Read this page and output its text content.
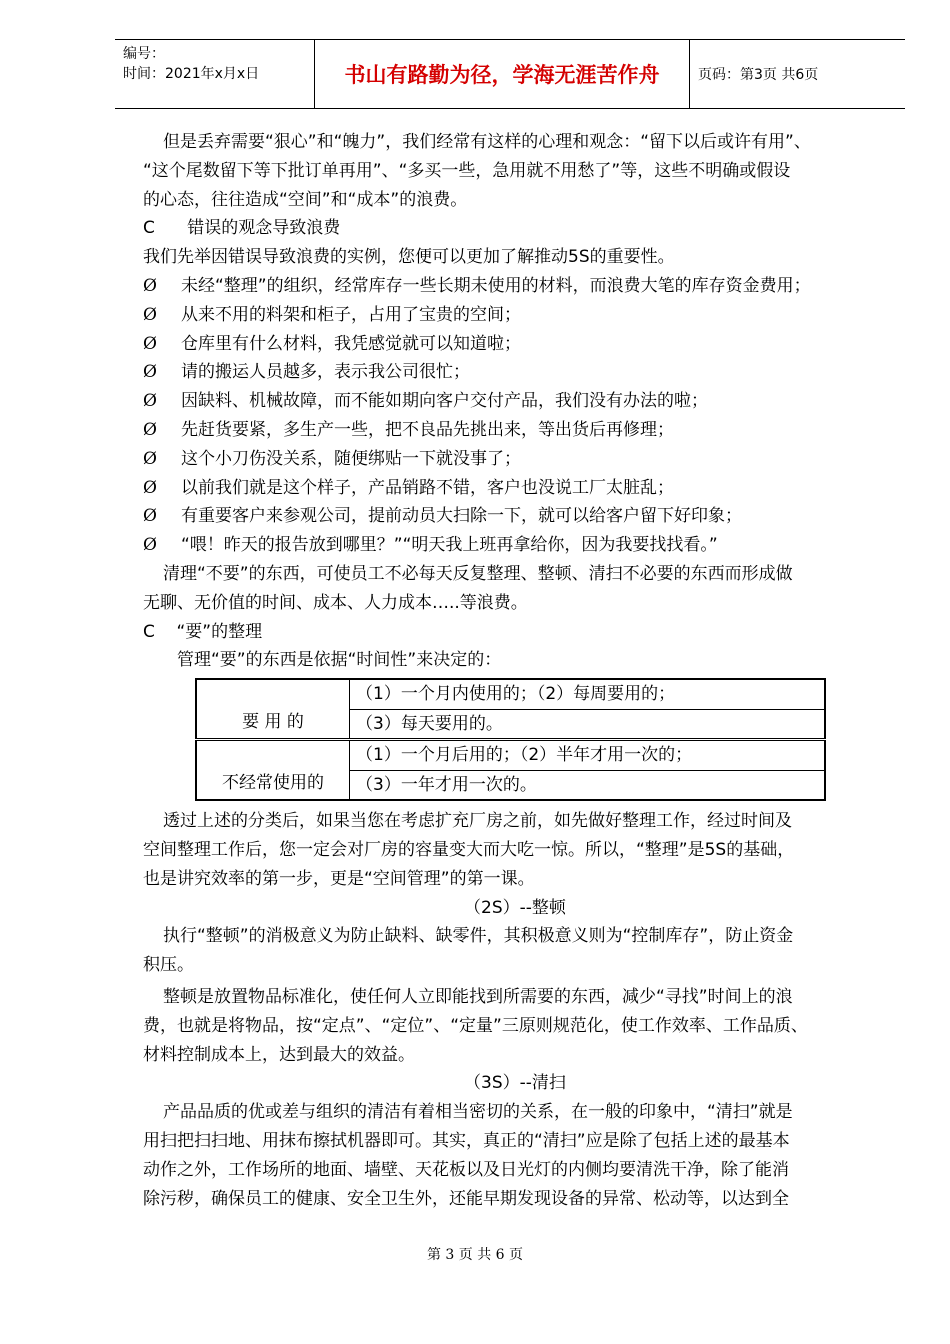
编号：
时间：2021年x月x日	书山有路勤为径，学海无涯苦作舟	页码：第3页 共6页

但是丢弃需要“狠心”和“魄力”，我们经常有这样的心理和观念：“留下以后或许有用”、

“这个尾数留下等下批订单再用”、“多买一些，急用就不用愁了”等，这些不明确或假设

的心态，往往造成“空间”和“成本”的浪费。

C      错误的观念导致浪费

我们先举因错误导致浪费的实例，您便可以更加了解推动5S的重要性。

Ø	未经“整理”的组织，经常库存一些长期未使用的材料，而浪费大笔的库存资金费用；
Ø	从来不用的料架和柜子，占用了宝贵的空间；
Ø	仓库里有什么材料，我凭感觉就可以知道啦；
Ø	请的搬运人员越多，表示我公司很忙；
Ø	因缺料、机械故障，而不能如期向客户交付产品，我们没有办法的啦；
Ø	先赶货要紧，多生产一些，把不良品先挑出来，等出货后再修理；
Ø	这个小刀伤没关系，随便绑贴一下就没事了；
Ø	以前我们就是这个样子，产品销路不错，客户也没说工厂太脏乱；
Ø	有重要客户来参观公司，提前动员大扫除一下，就可以给客户留下好印象；
Ø	“喂！昨天的报告放到哪里？”“明天我上班再拿给你，因为我要找找看。”

清理“不要”的东西，可使员工不必每天反复整理、整顿、清扫不必要的东西而形成做

无聊、无价值的时间、成本、人力成本…..等浪费。

C    “要”的整理

管理“要”的东西是依据“时间性”来决定的：

要 用 的	（1）一个月内使用的；（2）每周要用的；
	（3）每天要用的。
不经常使用的	（1）一个月后用的；（2）半年才用一次的；
	（3）一年才用一次的。

透过上述的分类后，如果当您在考虑扩充厂房之前，如先做好整理工作，经过时间及

空间整理工作后，您一定会对厂房的容量变大而大吃一惊。所以，“整理”是5S的基础，

也是讲究效率的第一步，更是“空间管理”的第一课。

（2S）--整顿

执行“整顿”的消极意义为防止缺料、缺零件，其积极意义则为“控制库存”，防止资金

积压。

整顿是放置物品标准化，使任何人立即能找到所需要的东西，减少“寻找”时间上的浪

费，也就是将物品，按“定点”、“定位”、“定量”三原则规范化，使工作效率、工作品质、

材料控制成本上，达到最大的效益。

（3S）--清扫

产品品质的优或差与组织的清洁有着相当密切的关系，在一般的印象中，“清扫”就是

用扫把扫扫地、用抹布擦拭机器即可。其实，真正的“清扫”应是除了包括上述的最基本

动作之外，工作场所的地面、墙壁、天花板以及日光灯的内侧均要清洗干净，除了能消

除污秽，确保员工的健康、安全卫生外，还能早期发现设备的异常、松动等，以达到全

第 3 页 共 6 页
